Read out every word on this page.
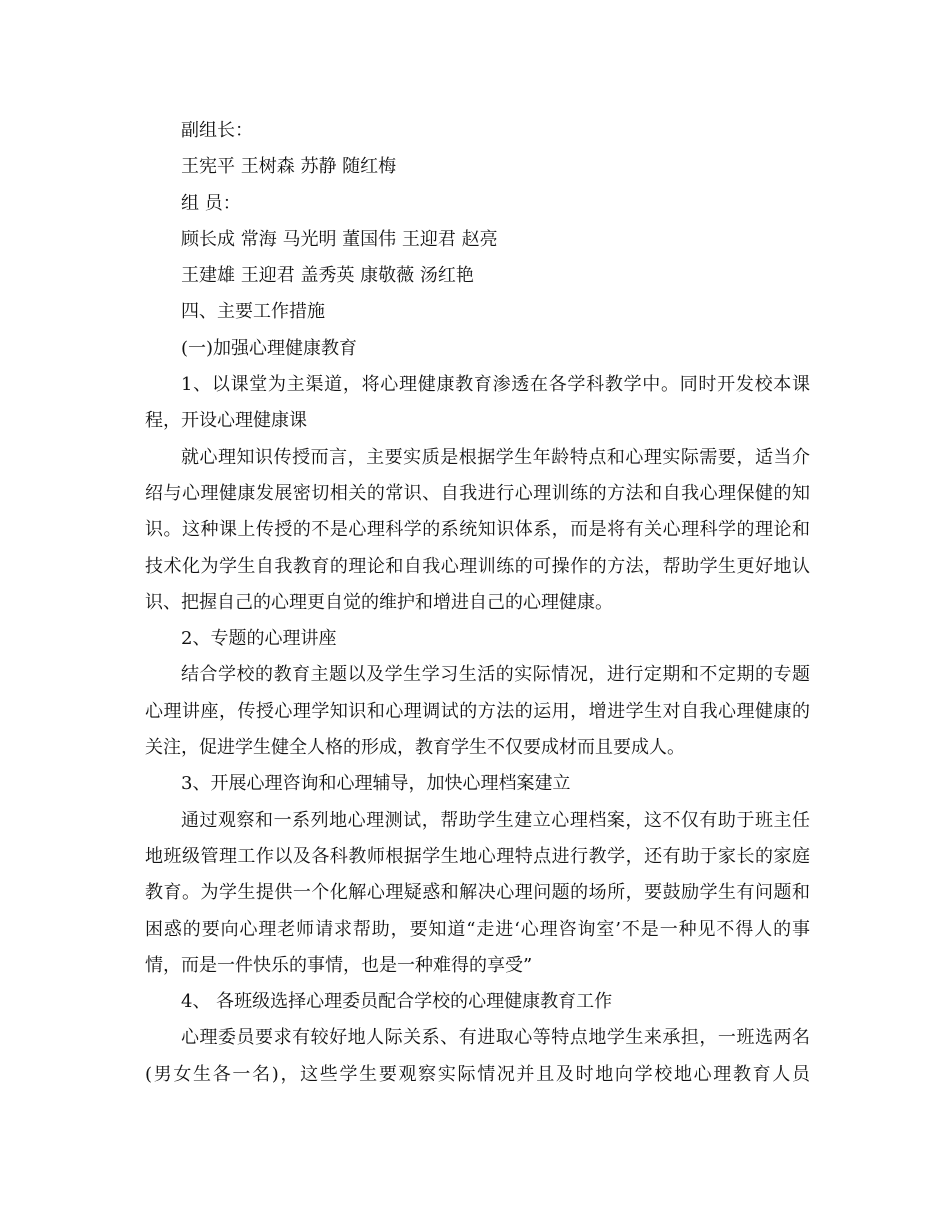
副组长：

王宪平 王树森 苏静 随红梅

组 员：

顾长成 常海 马光明 董国伟 王迎君 赵亮

王建雄 王迎君 盖秀英 康敬薇 汤红艳

四、主要工作措施

(一)加强心理健康教育

1、以课堂为主渠道，将心理健康教育渗透在各学科教学中。同时开发校本课程，开设心理健康课

就心理知识传授而言，主要实质是根据学生年龄特点和心理实际需要，适当介绍与心理健康发展密切相关的常识、自我进行心理训练的方法和自我心理保健的知识。这种课上传授的不是心理科学的系统知识体系，而是将有关心理科学的理论和技术化为学生自我教育的理论和自我心理训练的可操作的方法，帮助学生更好地认识、把握自己的心理更自觉的维护和增进自己的心理健康。

2、专题的心理讲座

结合学校的教育主题以及学生学习生活的实际情况，进行定期和不定期的专题心理讲座，传授心理学知识和心理调试的方法的运用，增进学生对自我心理健康的关注，促进学生健全人格的形成，教育学生不仅要成材而且要成人。

3、开展心理咨询和心理辅导，加快心理档案建立

通过观察和一系列地心理测试，帮助学生建立心理档案，这不仅有助于班主任地班级管理工作以及各科教师根据学生地心理特点进行教学，还有助于家长的家庭教育。为学生提供一个化解心理疑惑和解决心理问题的场所，要鼓励学生有问题和困惑的要向心理老师请求帮助，要知道“走进‘心理咨询室’不是一种见不得人的事情，而是一件快乐的事情，也是一种难得的享受”

4、 各班级选择心理委员配合学校的心理健康教育工作

心理委员要求有较好地人际关系、有进取心等特点地学生来承担，一班选两名(男女生各一名)，这些学生要观察实际情况并且及时地向学校地心理教育人员
